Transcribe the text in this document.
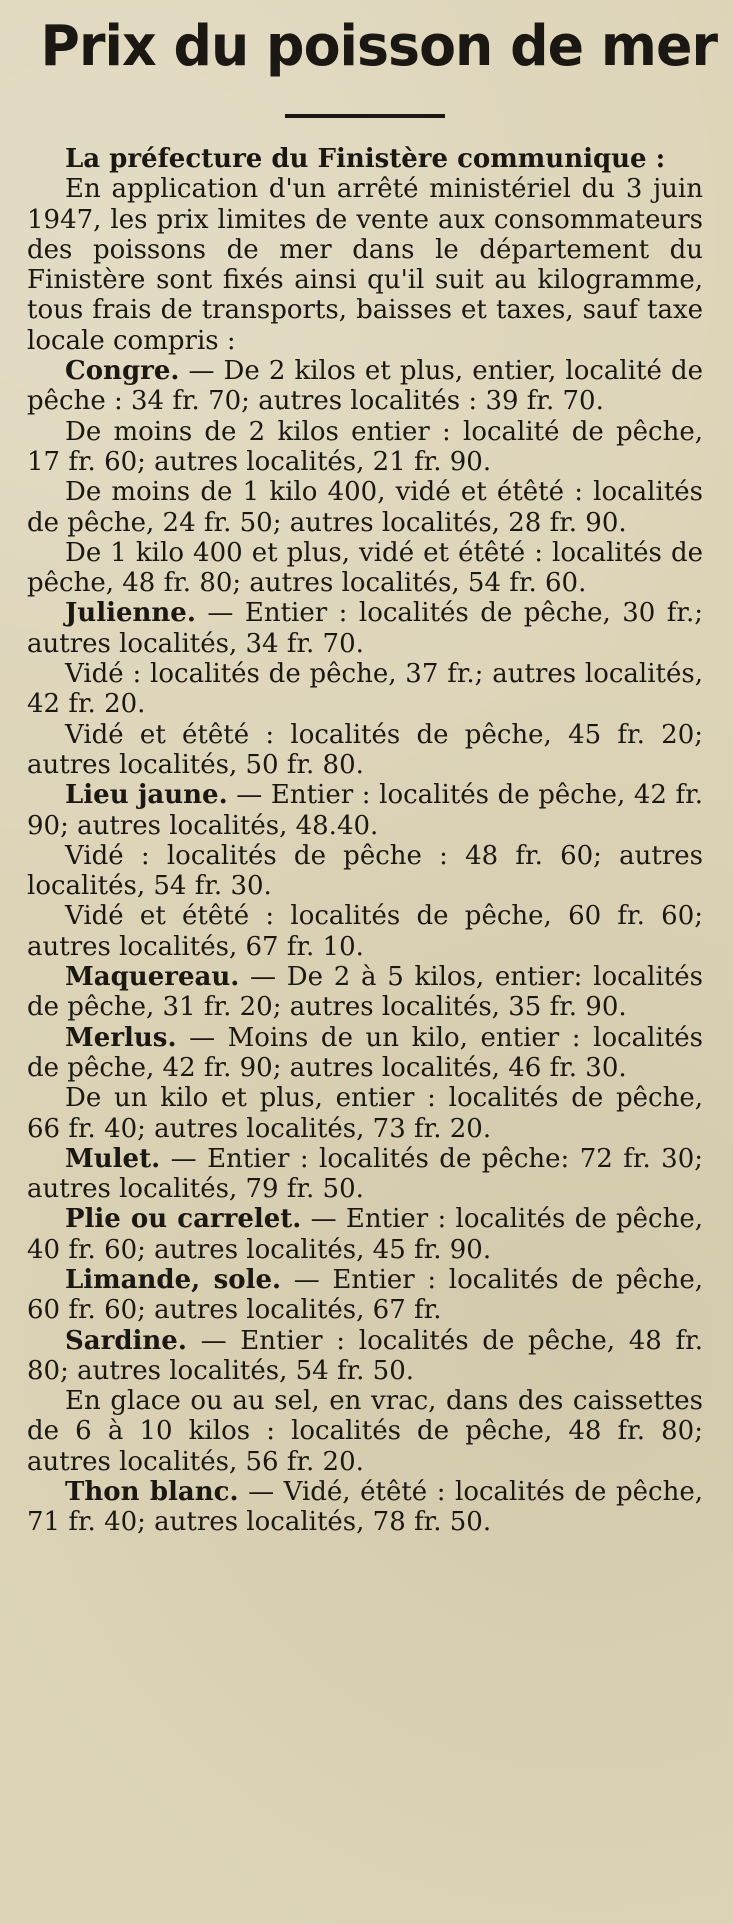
Prix du poisson de mer

La préfecture du Finistère communique :

En application d'un arrêté ministériel du 3 juin 1947, les prix limites de vente aux consommateurs des poissons de mer dans le département du Finistère sont fixés ainsi qu'il suit au kilogramme, tous frais de transports, baisses et taxes, sauf taxe locale compris :

Congre. — De 2 kilos et plus, entier, localité de pêche : 34 fr. 70; autres localités : 39 fr. 70.

De moins de 2 kilos entier : localité de pêche, 17 fr. 60; autres localités, 21 fr. 90.

De moins de 1 kilo 400, vidé et étêté : localités de pêche, 24 fr. 50; autres localités, 28 fr. 90.

De 1 kilo 400 et plus, vidé et étêté : localités de pêche, 48 fr. 80; autres localités, 54 fr. 60.

Julienne. — Entier : localités de pêche, 30 fr.; autres localités, 34 fr. 70.

Vidé : localités de pêche, 37 fr.; autres localités, 42 fr. 20.

Vidé et étêté : localités de pêche, 45 fr. 20; autres localités, 50 fr. 80.

Lieu jaune. — Entier : localités de pêche, 42 fr. 90; autres localités, 48.40.

Vidé : localités de pêche : 48 fr. 60; autres localités, 54 fr. 30.

Vidé et étêté : localités de pêche, 60 fr. 60; autres localités, 67 fr. 10.

Maquereau. — De 2 à 5 kilos, entier: localités de pêche, 31 fr. 20; autres localités, 35 fr. 90.

Merlus. — Moins de un kilo, entier : localités de pêche, 42 fr. 90; autres localités, 46 fr. 30.

De un kilo et plus, entier : localités de pêche, 66 fr. 40; autres localités, 73 fr. 20.

Mulet. — Entier : localités de pêche: 72 fr. 30; autres localités, 79 fr. 50.

Plie ou carrelet. — Entier : localités de pêche, 40 fr. 60; autres localités, 45 fr. 90.

Limande, sole. — Entier : localités de pêche, 60 fr. 60; autres localités, 67 fr.

Sardine. — Entier : localités de pêche, 48 fr. 80; autres localités, 54 fr. 50.

En glace ou au sel, en vrac, dans des caissettes de 6 à 10 kilos : localités de pêche, 48 fr. 80; autres localités, 56 fr. 20.

Thon blanc. — Vidé, étêté : localités de pêche, 71 fr. 40; autres localités, 78 fr. 50.
